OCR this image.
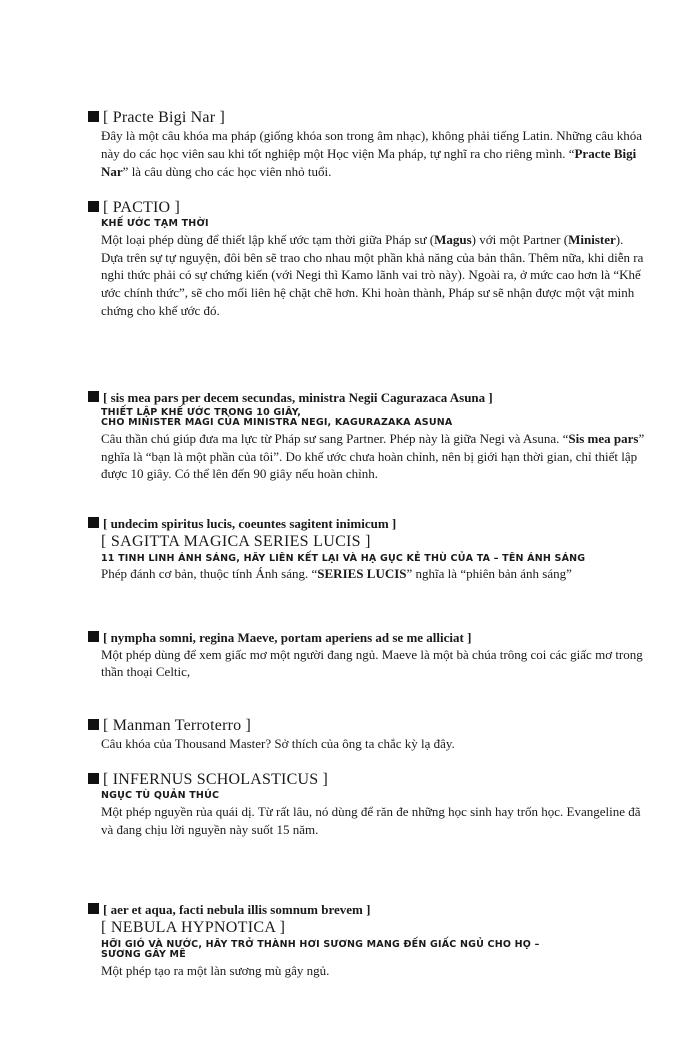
[ Practe Bigi Nar ]
Đây là một câu khóa ma pháp (giống khóa son trong âm nhạc), không phải tiếng Latin. Những câu khóa này do các học viên sau khi tốt nghiệp một Học viện Ma pháp, tự nghĩ ra cho riêng mình. “Practe Bigi Nar” là câu dùng cho các học viên nhỏ tuổi.
[ PACTIO ]
KHẾ ƯỚC TẠM THỜI
Một loại phép dùng để thiết lập khế ước tạm thời giữa Pháp sư (Magus) với một Partner (Minister). Dựa trên sự tự nguyện, đôi bên sẽ trao cho nhau một phần khả năng của bản thân. Thêm nữa, khi diễn ra nghi thức phải có sự chứng kiến (với Negi thì Kamo lãnh vai trò này). Ngoài ra, ở mức cao hơn là “Khế ước chính thức”, sẽ cho mối liên hệ chặt chẽ hơn. Khi hoàn thành, Pháp sư sẽ nhận được một vật minh chứng cho khế ước đó.
[ sis mea pars per decem secundas, ministra Negii Cagurazaca Asuna ]
THIẾT LẬP KHẾ ƯỚC TRONG 10 GIÂY,
CHO MINISTER MAGI CỦA MINISTRA NEGI, KAGURAZAKA ASUNA
Câu thần chú giúp đưa ma lực từ Pháp sư sang Partner. Phép này là giữa Negi và Asuna. “Sis mea pars” nghĩa là “bạn là một phần của tôi”. Do khế ước chưa hoàn chỉnh, nên bị giới hạn thời gian, chỉ thiết lập được 10 giây. Có thể lên đến 90 giây nếu hoàn chỉnh.
[ undecim spiritus lucis, coeuntes sagitent inimicum ]
[ SAGITTA MAGICA SERIES LUCIS ]
11 TINH LINH ÁNH SÁNG, HÃY LIÊN KẾT LẠI VÀ HẠ GỤC KẺ THÙ CỦA TA – TÊN ÁNH SÁNG
Phép đánh cơ bản, thuộc tính Ánh sáng. “SERIES LUCIS” nghĩa là “phiên bản ánh sáng”
[ nympha somni, regina Maeve, portam aperiens ad se me alliciat ]
Một phép dùng để xem giấc mơ một người đang ngủ. Maeve là một bà chúa trông coi các giấc mơ trong thần thoại Celtic,
[ Manman Terroterro ]
Câu khóa của Thousand Master? Sở thích của ông ta chắc kỳ lạ đây.
[ INFERNUS SCHOLASTICUS ]
NGỤC TÙ QUẢN THÚC
Một phép nguyền rủa quái dị. Từ rất lâu, nó dùng để răn đe những học sinh hay trốn học. Evangeline đã và đang chịu lời nguyền này suốt 15 năm.
[ aer et aqua, facti nebula illis somnum brevem ]
[ NEBULA HYPNOTICA ]
HỠI GIÓ VÀ NƯỚC, HÃY TRỞ THÀNH HƠI SƯƠNG MANG ĐẾN GIẤC NGỦ CHO HỌ –
SƯƠNG GÂY MÊ
Một phép tạo ra một làn sương mù gây ngủ.
